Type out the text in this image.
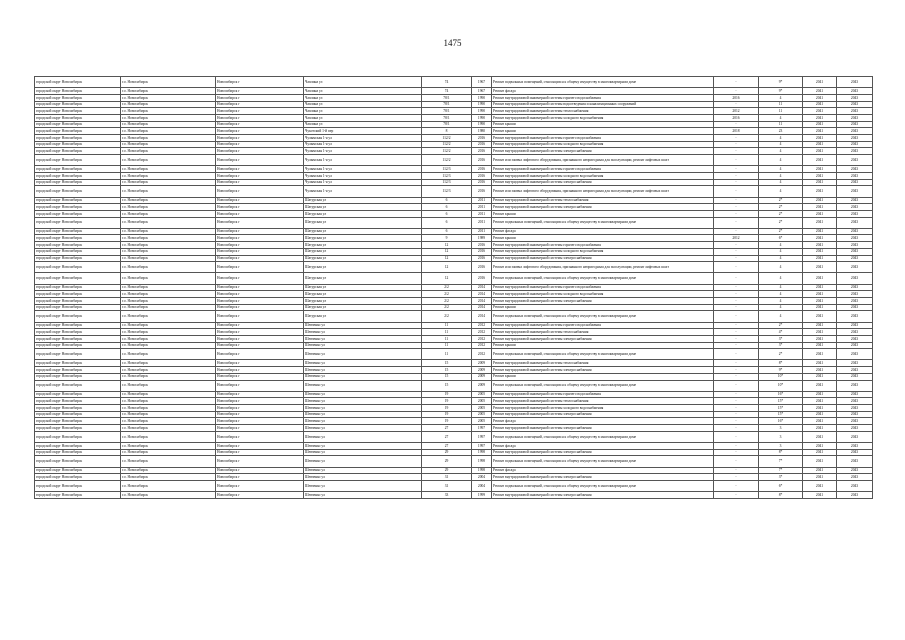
1475
городской округ Новосибирск	г.о. Новосибирск	Новосибирск г	Чаплина ул	74	1967	Ремонт подвальных помещений, относящихся к общему имуществу в многоквартирном доме	-	9*	2041	2043
городской округ Новосибирск	г.о. Новосибирск	Новосибирск г	Чаплина ул	74	1967	Ремонт фасада	-	9*	2041	2043
городской округ Новосибирск	г.о. Новосибирск	Новосибирск г	Чаплина ул	78/1	1990	Ремонт внутридомовой инженерной системы горячего водоснабжения	2016	4	2041	2043
городской округ Новосибирск	г.о. Новосибирск	Новосибирск г	Чаплина ул	78/1	1990	Ремонт внутридомовой инженерной системы водоотведения и канализационных сооружений	-	11	2041	2043
городской округ Новосибирск	г.о. Новосибирск	Новосибирск г	Чаплина ул	78/1	1990	Ремонт внутридомовой инженерной системы теплоснабжения	2012	11	2041	2043
городской округ Новосибирск	г.о. Новосибирск	Новосибирск г	Чаплина ул	78/1	1990	Ремонт внутридомовой инженерной системы холодного водоснабжения	2016	4	2041	2043
городской округ Новосибирск	г.о. Новосибирск	Новосибирск г	Чаплина ул	78/1	1990	Ремонт крыши	-	11	2041	2043
городской округ Новосибирск	г.о. Новосибирск	Новосибирск г	Чукотский 1-й пер	8	1980	Ремонт крыши	2018	23	2041	2043
городской округ Новосибирск	г.о. Новосибирск	Новосибирск г	Чулымская 1-я ул	112/2	2016	Ремонт внутридомовой инженерной системы горячего водоснабжения	-	4	2041	2043
городской округ Новосибирск	г.о. Новосибирск	Новосибирск г	Чулымская 1-я ул	112/2	2016	Ремонт внутридомовой инженерной системы холодного водоснабжения	-	4	2041	2043
городской округ Новосибирск	г.о. Новосибирск	Новосибирск г	Чулымская 1-я ул	112/2	2016	Ремонт внутридомовой инженерной системы электроснабжения	-	4	2041	2043
городской округ Новосибирск	г.о. Новосибирск	Новосибирск г	Чулымская 1-я ул	112/2	2016	Ремонт или замена лифтового оборудования, признанного непригодным для эксплуатации, ремонт лифтовых шахт	-	4	2041	2043
городской округ Новосибирск	г.о. Новосибирск	Новосибирск г	Чулымская 1-я ул	112/3	2016	Ремонт внутридомовой инженерной системы горячего водоснабжения	-	4	2041	2043
городской округ Новосибирск	г.о. Новосибирск	Новосибирск г	Чулымская 1-я ул	112/3	2016	Ремонт внутридомовой инженерной системы холодного водоснабжения	-	4	2041	2043
городской округ Новосибирск	г.о. Новосибирск	Новосибирск г	Чулымская 1-я ул	112/3	2016	Ремонт внутридомовой инженерной системы электроснабжения	-	4	2041	2043
городской округ Новосибирск	г.о. Новосибирск	Новосибирск г	Чулымская 1-я ул	112/3	2016	Ремонт или замена лифтового оборудования, признанного непригодным для эксплуатации, ремонт лифтовых шахт	-	4	2041	2043
городской округ Новосибирск	г.о. Новосибирск	Новосибирск г	Шатурская ул	6	2011	Ремонт внутридомовой инженерной системы теплоснабжения	-	2*	2041	2043
городской округ Новосибирск	г.о. Новосибирск	Новосибирск г	Шатурская ул	6	2011	Ремонт внутридомовой инженерной системы электроснабжения	-	2*	2041	2043
городской округ Новосибирск	г.о. Новосибирск	Новосибирск г	Шатурская ул	6	2011	Ремонт крыши	-	2*	2041	2043
городской округ Новосибирск	г.о. Новосибирск	Новосибирск г	Шатурская ул	6	2011	Ремонт подвальных помещений, относящихся к общему имуществу в многоквартирном доме	-	2*	2041	2043
городской округ Новосибирск	г.о. Новосибирск	Новосибирск г	Шатурская ул	6	2011	Ремонт фасада	-	2*	2041	2043
городской округ Новосибирск	г.о. Новосибирск	Новосибирск г	Шатурская ул	9	1989	Ремонт крыши	2012	6*	2041	2043
городской округ Новосибирск	г.о. Новосибирск	Новосибирск г	Шатурская ул	12	2016	Ремонт внутридомовой инженерной системы горячего водоснабжения	-	4	2041	2043
городской округ Новосибирск	г.о. Новосибирск	Новосибирск г	Шатурская ул	12	2016	Ремонт внутридомовой инженерной системы холодного водоснабжения	-	4	2041	2043
городской округ Новосибирск	г.о. Новосибирск	Новосибирск г	Шатурская ул	12	2016	Ремонт внутридомовой инженерной системы электроснабжения	-	4	2041	2043
городской округ Новосибирск	г.о. Новосибирск	Новосибирск г	Шатурская ул	12	2016	Ремонт или замена лифтового оборудования, признанного непригодным для эксплуатации, ремонт лифтовых шахт	-	4	2041	2043
городской округ Новосибирск	г.о. Новосибирск	Новосибирск г	Шатурская ул	12	2016	Ремонт подвальных помещений, относящихся к общему имуществу в многоквартирном доме	-	4	2041	2043
городской округ Новосибирск	г.о. Новосибирск	Новосибирск г	Шатурская ул	2/2	2014	Ремонт внутридомовой инженерной системы горячего водоснабжения	-	4	2041	2043
городской округ Новосибирск	г.о. Новосибирск	Новосибирск г	Шатурская ул	2/2	2014	Ремонт внутридомовой инженерной системы холодного водоснабжения	-	4	2041	2043
городской округ Новосибирск	г.о. Новосибирск	Новосибирск г	Шатурская ул	2/2	2014	Ремонт внутридомовой инженерной системы электроснабжения	-	4	2041	2043
городской округ Новосибирск	г.о. Новосибирск	Новосибирск г	Шатурская ул	2/2	2014	Ремонт крыши	-	4	2041	2043
городской округ Новосибирск	г.о. Новосибирск	Новосибирск г	Шатурская ул	2/2	2014	Ремонт подвальных помещений, относящихся к общему имуществу в многоквартирном доме	-	4	2041	2043
городской округ Новосибирск	г.о. Новосибирск	Новосибирск г	Шевченко ул	11	2012	Ремонт внутридомовой инженерной системы горячего водоснабжения	-	2*	2041	2043
городской округ Новосибирск	г.о. Новосибирск	Новосибирск г	Шевченко ул	11	2012	Ремонт внутридомовой инженерной системы теплоснабжения	-	4*	2041	2043
городской округ Новосибирск	г.о. Новосибирск	Новосибирск г	Шевченко ул	11	2012	Ремонт внутридомовой инженерной системы электроснабжения	-	3*	2041	2043
городской округ Новосибирск	г.о. Новосибирск	Новосибирск г	Шевченко ул	11	2012	Ремонт крыши	-	3*	2041	2043
городской округ Новосибирск	г.о. Новосибирск	Новосибирск г	Шевченко ул	11	2012	Ремонт подвальных помещений, относящихся к общему имуществу в многоквартирном доме	-	2*	2041	2043
городской округ Новосибирск	г.о. Новосибирск	Новосибирск г	Шевченко ул	15	2009	Ремонт внутридомовой инженерной системы теплоснабжения	-	8*	2041	2043
городской округ Новосибирск	г.о. Новосибирск	Новосибирск г	Шевченко ул	15	2009	Ремонт внутридомовой инженерной системы электроснабжения	-	9*	2041	2043
городской округ Новосибирск	г.о. Новосибирск	Новосибирск г	Шевченко ул	15	2009	Ремонт крыши	-	10*	2041	2043
городской округ Новосибирск	г.о. Новосибирск	Новосибирск г	Шевченко ул	15	2009	Ремонт подвальных помещений, относящихся к общему имуществу в многоквартирном доме	-	10*	2041	2043
городской округ Новосибирск	г.о. Новосибирск	Новосибирск г	Шевченко ул	19	2005	Ремонт внутридомовой инженерной системы горячего водоснабжения	-	16*	2041	2043
городской округ Новосибирск	г.о. Новосибирск	Новосибирск г	Шевченко ул	19	2005	Ремонт внутридомовой инженерной системы теплоснабжения	-	15*	2041	2043
городской округ Новосибирск	г.о. Новосибирск	Новосибирск г	Шевченко ул	19	2005	Ремонт внутридомовой инженерной системы холодного водоснабжения	-	15*	2041	2043
городской округ Новосибирск	г.о. Новосибирск	Новосибирск г	Шевченко ул	19	2005	Ремонт внутридомовой инженерной системы электроснабжения	-	15*	2041	2043
городской округ Новосибирск	г.о. Новосибирск	Новосибирск г	Шевченко ул	19	2005	Ремонт фасада	-	16*	2041	2043
городской округ Новосибирск	г.о. Новосибирск	Новосибирск г	Шевченко ул	27	1997	Ремонт внутридомовой инженерной системы электроснабжения	-	3	2041	2043
городской округ Новосибирск	г.о. Новосибирск	Новосибирск г	Шевченко ул	27	1997	Ремонт подвальных помещений, относящихся к общему имуществу в многоквартирном доме	-	3	2041	2043
городской округ Новосибирск	г.о. Новосибирск	Новосибирск г	Шевченко ул	27	1997	Ремонт фасада	-	3	2041	2043
городской округ Новосибирск	г.о. Новосибирск	Новосибирск г	Шевченко ул	29	1998	Ремонт внутридомовой инженерной системы электроснабжения	-	8*	2041	2043
городской округ Новосибирск	г.о. Новосибирск	Новосибирск г	Шевченко ул	29	1998	Ремонт подвальных помещений, относящихся к общему имуществу в многоквартирном доме	-	7*	2041	2043
городской округ Новосибирск	г.о. Новосибирск	Новосибирск г	Шевченко ул	29	1998	Ремонт фасада	-	7*	2041	2043
городской округ Новосибирск	г.о. Новосибирск	Новосибирск г	Шевченко ул	31	2004	Ремонт внутридомовой инженерной системы электроснабжения	-	3*	2041	2043
городской округ Новосибирск	г.о. Новосибирск	Новосибирск г	Шевченко ул	31	2004	Ремонт подвальных помещений, относящихся к общему имуществу в многоквартирном доме	-	6*	2041	2043
городской округ Новосибирск	г.о. Новосибирск	Новосибирск г	Шевченко ул	33	1999	Ремонт внутридомовой инженерной системы электроснабжения	-	8*	2041	2043
